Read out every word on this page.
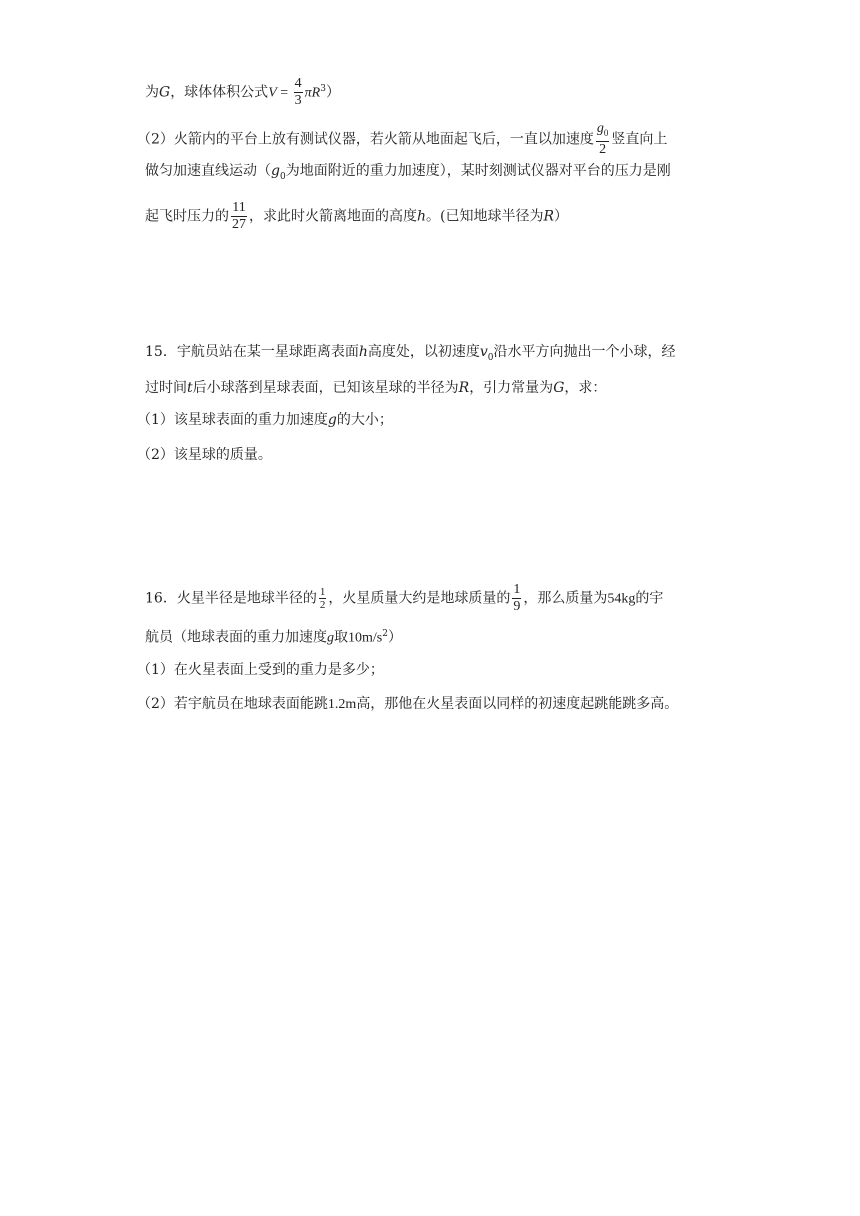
为G，球体体积公式$V = \frac{4}{3} \pi R^3$）
（2）火箭内的平台上放有测试仪器，若火箭从地面起飞后，一直以加速度 $\frac{g_0}{2}$ 竖直向上
做匀加速直线运动（$g_0$为地面附近的重力加速度），某时刻测试仪器对平台的压力是刚
起飞时压力的 $\frac{11}{27}$ ，求此时火箭离地面的高度h。(已知地球半径为R）
15．宇航员站在某一星球距离表面h高度处，以初速度$v_0$沿水平方向抛出一个小球，经
过时间t后小球落到星球表面，已知该星球的半径为R，引力常量为G，求：
（1）该星球表面的重力加速度g的大小；
（2）该星球的质量。
16．火星半径是地球半径的 $\frac{1}{2}$ ，火星质量大约是地球质量的 $\frac{1}{9}$ ，那么质量为54kg的宇
航员（地球表面的重力加速度g取$10m/s^2$）
（1）在火星表面上受到的重力是多少；
（2）若宇航员在地球表面能跳1.2m高，那他在火星表面以同样的初速度起跳能跳多高。
